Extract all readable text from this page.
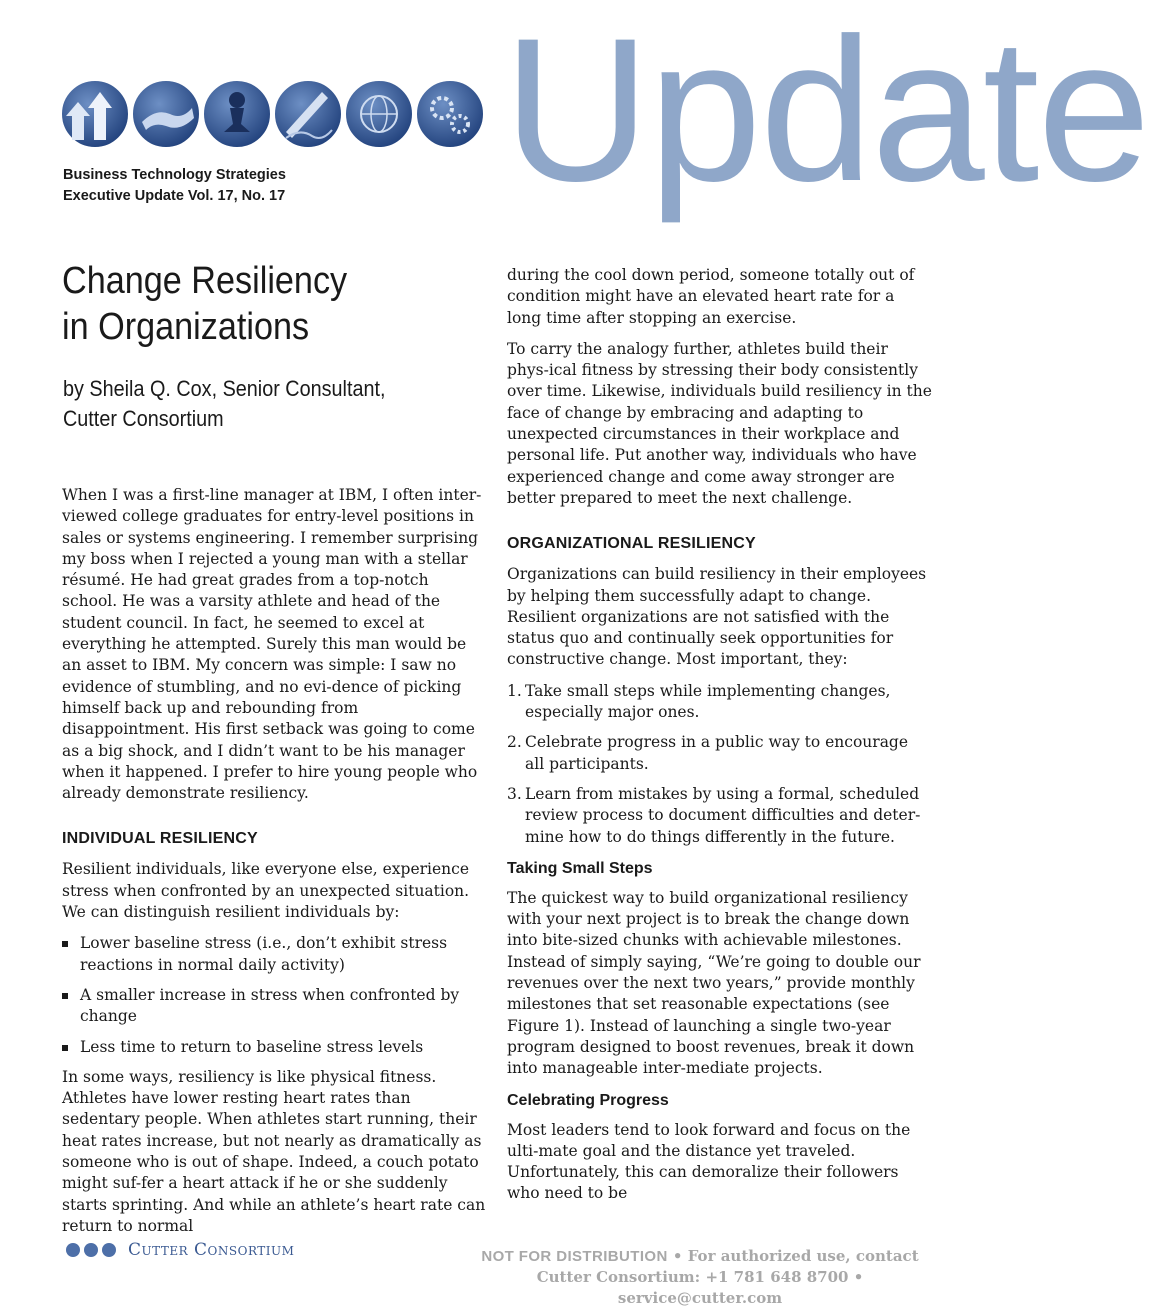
Update
Business Technology Strategies
Executive Update Vol. 17, No. 17
Change Resiliency
in Organizations
by Sheila Q. Cox, Senior Consultant,
Cutter Consortium

When I was a first-line manager at IBM, I often inter-viewed college graduates for entry-level positions in sales or systems engineering. I remember surprising my boss when I rejected a young man with a stellar résumé. He had great grades from a top-notch school. He was a varsity athlete and head of the student council. In fact, he seemed to excel at everything he attempted. Surely this man would be an asset to IBM. My concern was simple: I saw no evidence of stumbling, and no evi-dence of picking himself back up and rebounding from disappointment. His first setback was going to come as a big shock, and I didn’t want to be his manager when it happened. I prefer to hire young people who already demonstrate resiliency.

INDIVIDUAL RESILIENCY

Resilient individuals, like everyone else, experience stress when confronted by an unexpected situation. We can distinguish resilient individuals by:

Lower baseline stress (i.e., don’t exhibit stress reactions in normal daily activity)
A smaller increase in stress when confronted by change
Less time to return to baseline stress levels

In some ways, resiliency is like physical fitness. Athletes have lower resting heart rates than sedentary people. When athletes start running, their heat rates increase, but not nearly as dramatically as someone who is out of shape. Indeed, a couch potato might suf-fer a heart attack if he or she suddenly starts sprinting. And while an athlete’s heart rate can return to normal

during the cool down period, someone totally out of condition might have an elevated heart rate for a long time after stopping an exercise.

To carry the analogy further, athletes build their phys-ical fitness by stressing their body consistently over time. Likewise, individuals build resiliency in the face of change by embracing and adapting to unexpected circumstances in their workplace and personal life. Put another way, individuals who have experienced change and come away stronger are better prepared to meet the next challenge.

ORGANIZATIONAL RESILIENCY

Organizations can build resiliency in their employees by helping them successfully adapt to change. Resilient organizations are not satisfied with the status quo and continually seek opportunities for constructive change. Most important, they:

1. Take small steps while implementing changes, especially major ones.
2. Celebrate progress in a public way to encourage all participants.
3. Learn from mistakes by using a formal, scheduled review process to document difficulties and deter-mine how to do things differently in the future.
Taking Small Steps

The quickest way to build organizational resiliency with your next project is to break the change down into bite-sized chunks with achievable milestones. Instead of simply saying, “We’re going to double our revenues over the next two years,” provide monthly milestones that set reasonable expectations (see Figure 1). Instead of launching a single two-year program designed to boost revenues, break it down into manageable inter-mediate projects.

Celebrating Progress

Most leaders tend to look forward and focus on the ulti-mate goal and the distance yet traveled. Unfortunately, this can demoralize their followers who need to be

Cutter Consortium	NOT FOR DISTRIBUTION • For authorized use, contact
Cutter Consortium: +1 781 648 8700 • service@cutter.com
